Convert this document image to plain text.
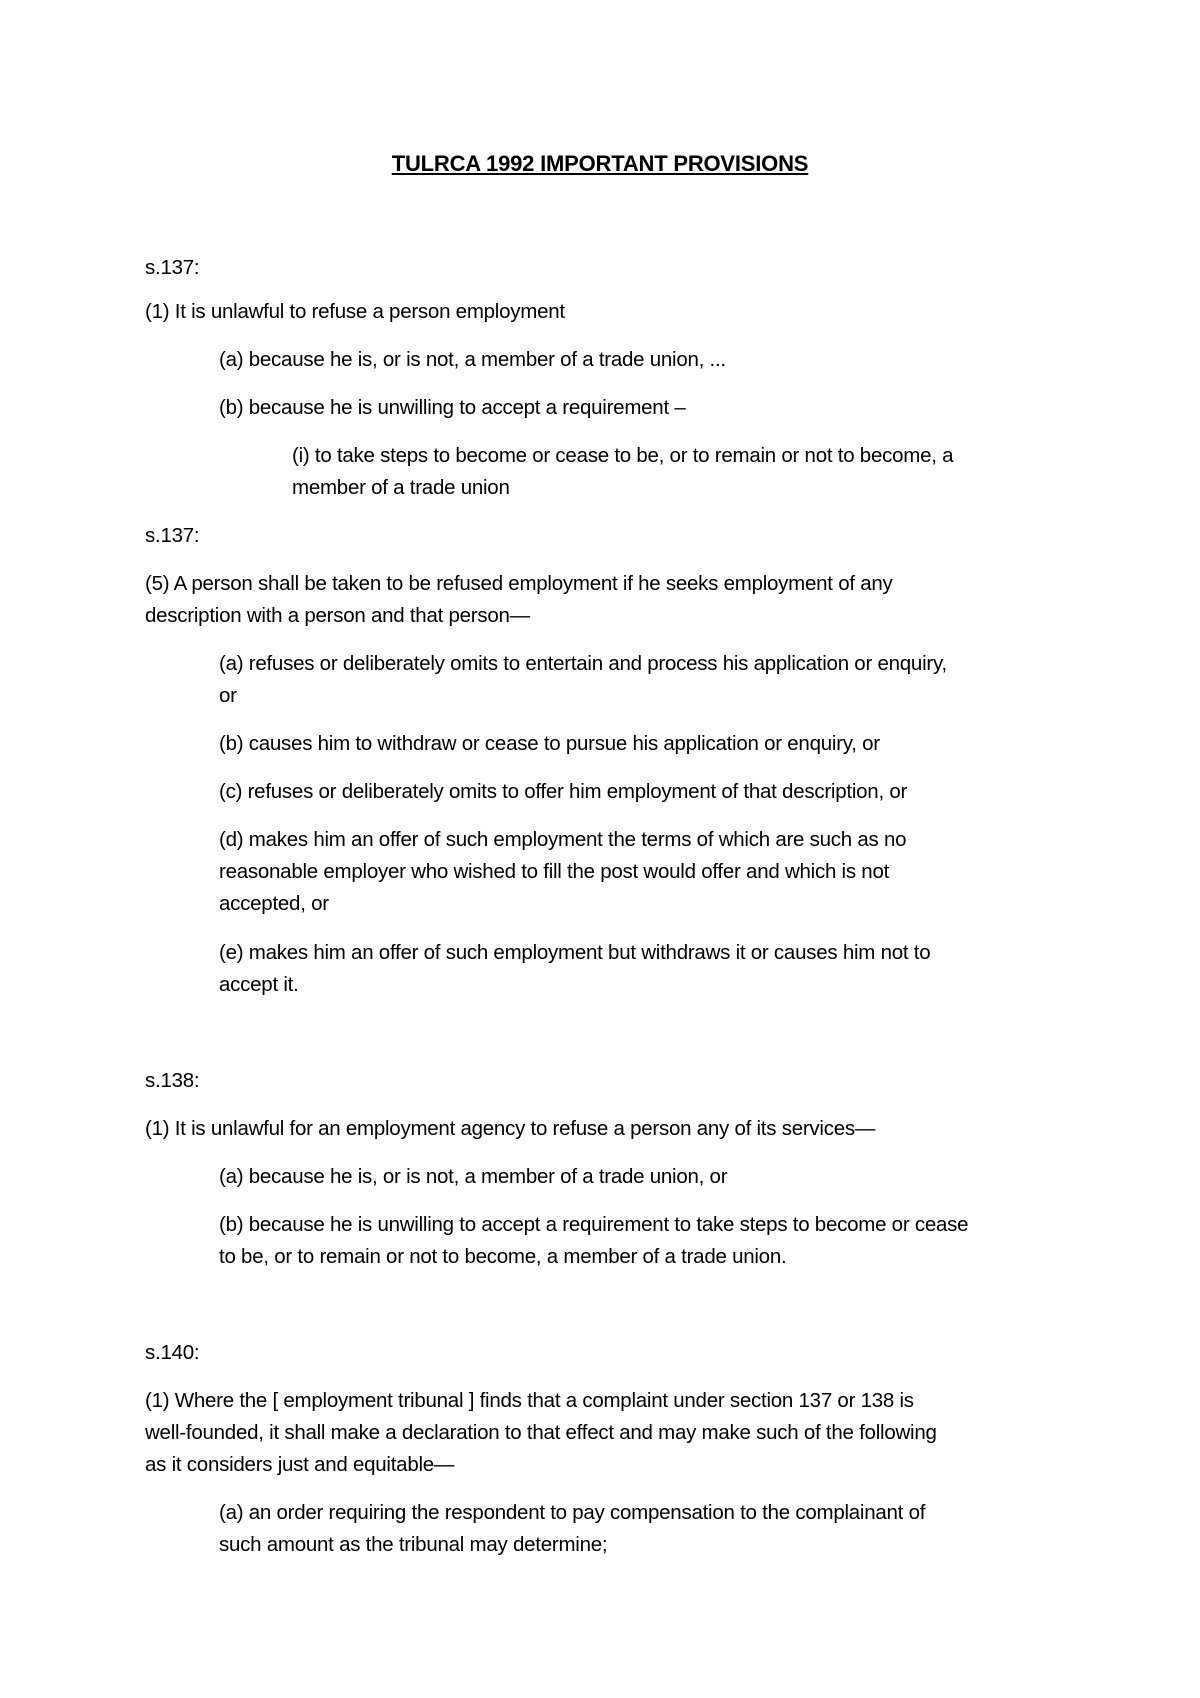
TULRCA 1992 IMPORTANT PROVISIONS
s.137:
(1) It is unlawful to refuse a person employment
(a) because he is, or is not, a member of a trade union, ...
(b) because he is unwilling to accept a requirement –
(i) to take steps to become or cease to be, or to remain or not to become, a
member of a trade union
s.137:
(5) A person shall be taken to be refused employment if he seeks employment of any
description with a person and that person—
(a) refuses or deliberately omits to entertain and process his application or enquiry,
or
(b) causes him to withdraw or cease to pursue his application or enquiry, or
(c) refuses or deliberately omits to offer him employment of that description, or
(d) makes him an offer of such employment the terms of which are such as no
reasonable employer who wished to fill the post would offer and which is not
accepted, or
(e) makes him an offer of such employment but withdraws it or causes him not to
accept it.
s.138:
(1) It is unlawful for an employment agency to refuse a person any of its services—
(a) because he is, or is not, a member of a trade union, or
(b) because he is unwilling to accept a requirement to take steps to become or cease
to be, or to remain or not to become, a member of a trade union.
s.140:
(1) Where the [ employment tribunal ] finds that a complaint under section 137 or 138 is
well-founded, it shall make a declaration to that effect and may make such of the following
as it considers just and equitable—
(a) an order requiring the respondent to pay compensation to the complainant of
such amount as the tribunal may determine;
